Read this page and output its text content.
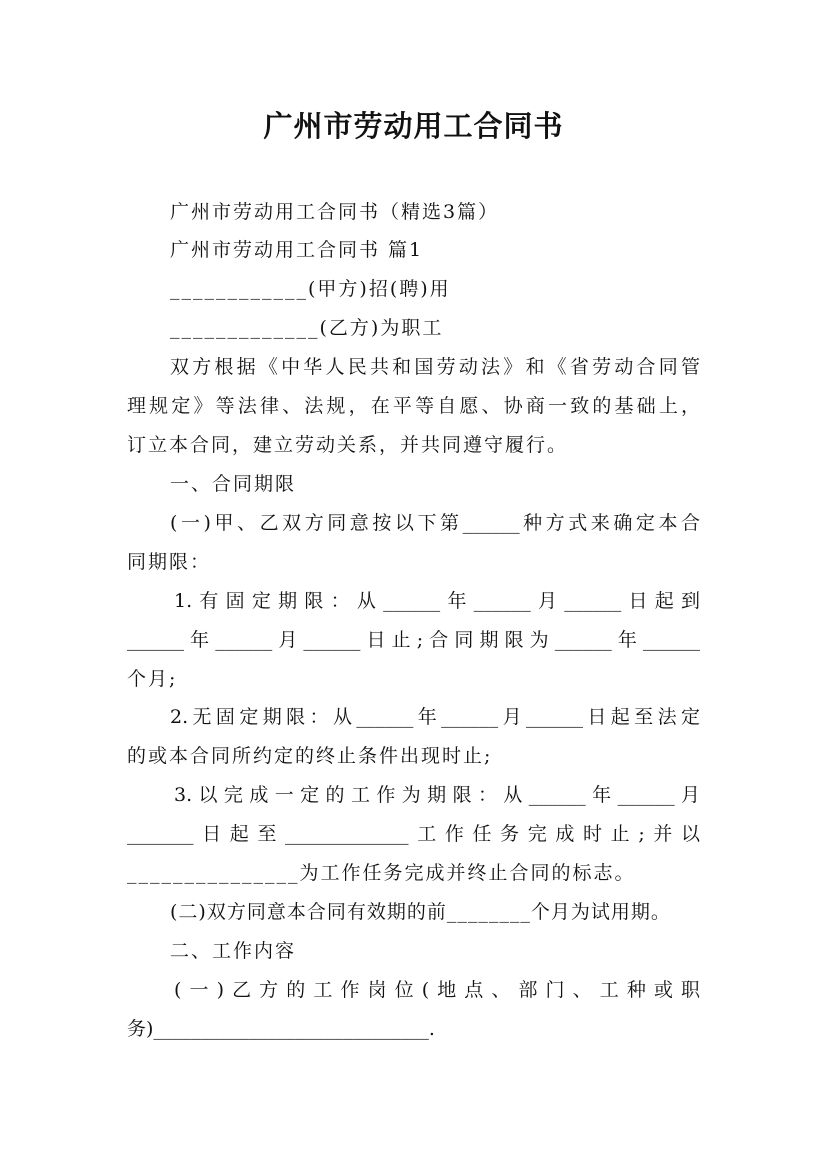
广州市劳动用工合同书
广州市劳动用工合同书（精选3篇）
广州市劳动用工合同书 篇1
____________(甲方)招(聘)用
_____________(乙方)为职工
双方根据《中华人民共和国劳动法》和《省劳动合同管
理规定》等法律、法规，在平等自愿、协商一致的基础上，
订立本合同，建立劳动关系，并共同遵守履行。
一、合同期限
(一)甲、乙双方同意按以下第______种方式来确定本合
同期限：
1.有固定期限：从______年______月______日起到
______年______月______日止;合同期限为______年______
个月;
2.无固定期限：从______年______月______日起至法定
的或本合同所约定的终止条件出现时止;
3.以完成一定的工作为期限：从______年______月
_______日起至_____________工作任务完成时止;并以
_______________为工作任务完成并终止合同的标志。
(二)双方同意本合同有效期的前________个月为试用期。
二、工作内容
(一)乙方的工作岗位(地点、部门、工种或职
务)_____________________________.
